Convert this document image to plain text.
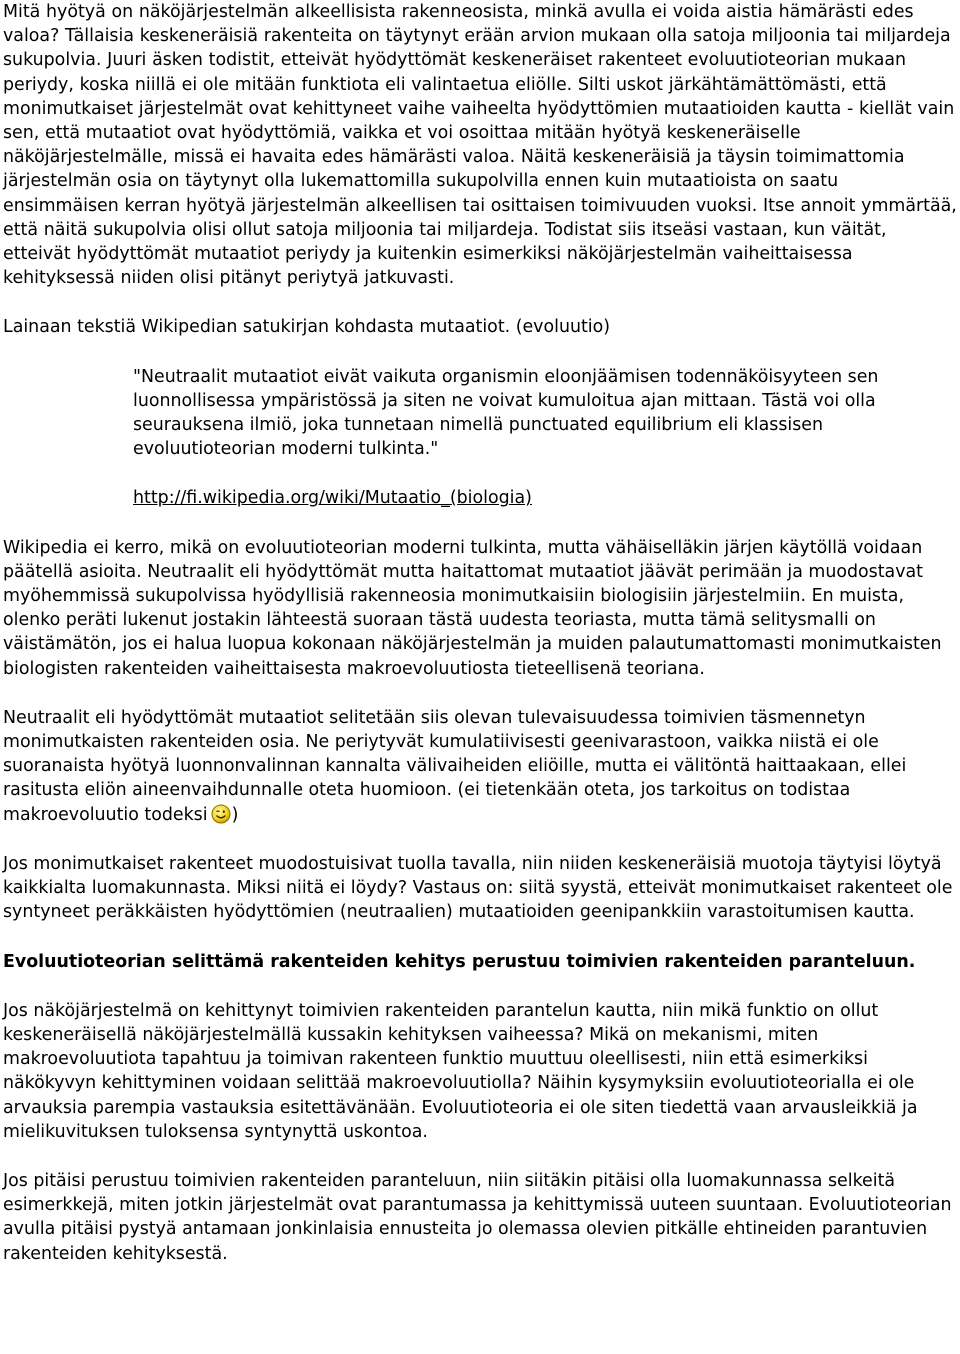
Mitä hyötyä on näköjärjestelmän alkeellisista rakenneosista, minkä avulla ei voida aistia hämärästi edes valoa? Tällaisia keskeneräisiä rakenteita on täytynyt erään arvion mukaan olla satoja miljoonia tai miljardeja sukupolvia. Juuri äsken todistit, etteivät hyödyttömät keskeneräiset rakenteet evoluutioteorian mukaan periydy, koska niillä ei ole mitään funktiota eli valintaetua eliölle. Silti uskot järkähtämättömästi, että monimutkaiset järjestelmät ovat kehittyneet vaihe vaiheelta hyödyttömien mutaatioiden kautta - kiellät vain sen, että mutaatiot ovat hyödyttömiä, vaikka et voi osoittaa mitään hyötyä keskeneräiselle näköjärjestelmälle, missä ei havaita edes hämärästi valoa. Näitä keskeneräisiä ja täysin toimimattomia järjestelmän osia on täytynyt olla lukemattomilla sukupolvilla ennen kuin mutaatioista on saatu ensimmäisen kerran hyötyä järjestelmän alkeellisen tai osittaisen toimivuuden vuoksi. Itse annoit ymmärtää, että näitä sukupolvia olisi ollut satoja miljoonia tai miljardeja. Todistat siis itseäsi vastaan, kun väität, etteivät hyödyttömät mutaatiot periydy ja kuitenkin esimerkiksi näköjärjestelmän vaiheittaisessa kehityksessä niiden olisi pitänyt periytyä jatkuvasti.

Lainaan tekstiä Wikipedian satukirjan kohdasta mutaatiot. (evoluutio)

"Neutraalit mutaatiot eivät vaikuta organismin eloonjäämisen todennäköisyyteen sen luonnollisessa ympäristössä ja siten ne voivat kumuloitua ajan mittaan. Tästä voi olla seurauksena ilmiö, joka tunnetaan nimellä punctuated equilibrium eli klassisen evoluutioteorian moderni tulkinta."

http://fi.wikipedia.org/wiki/Mutaatio_(biologia)

Wikipedia ei kerro, mikä on evoluutioteorian moderni tulkinta, mutta vähäiselläkin järjen käytöllä voidaan päätellä asioita. Neutraalit eli hyödyttömät mutta haitattomat mutaatiot jäävät perimään ja muodostavat myöhemmissä sukupolvissa hyödyllisiä rakenneosia monimutkaisiin biologisiin järjestelmiin. En muista, olenko peräti lukenut jostakin lähteestä suoraan tästä uudesta teoriasta, mutta tämä selitysmalli on väistämätön, jos ei halua luopua kokonaan näköjärjestelmän ja muiden palautumattomasti monimutkaisten biologisten rakenteiden vaiheittaisesta makroevoluutiosta tieteellisenä teoriana.

Neutraalit eli hyödyttömät mutaatiot selitetään siis olevan tulevaisuudessa toimivien täsmennetyn monimutkaisten rakenteiden osia. Ne periytyvät kumulatiivisesti geenivarastoon, vaikka niistä ei ole suoranaista hyötyä luonnonvalinnan kannalta välivaiheiden eliöille, mutta ei välitöntä haittaakaan, ellei rasitusta eliön aineenvaihdunnalle oteta huomioon. (ei tietenkään oteta, jos tarkoitus on todistaa makroevoluutio todeksi )

Jos monimutkaiset rakenteet muodostuisivat tuolla tavalla, niin niiden keskeneräisiä muotoja täytyisi löytyä kaikkialta luomakunnasta. Miksi niitä ei löydy? Vastaus on: siitä syystä, etteivät monimutkaiset rakenteet ole syntyneet peräkkäisten hyödyttömien (neutraalien) mutaatioiden geenipankkiin varastoitumisen kautta.

Evoluutioteorian selittämä rakenteiden kehitys perustuu toimivien rakenteiden paranteluun.

Jos näköjärjestelmä on kehittynyt toimivien rakenteiden parantelun kautta, niin mikä funktio on ollut keskeneräisellä näköjärjestelmällä kussakin kehityksen vaiheessa? Mikä on mekanismi, miten makroevoluutiota tapahtuu ja toimivan rakenteen funktio muuttuu oleellisesti, niin että esimerkiksi näkökyvyn kehittyminen voidaan selittää makroevoluutiolla? Näihin kysymyksiin evoluutioteorialla ei ole arvauksia parempia vastauksia esitettävänään. Evoluutioteoria ei ole siten tiedettä vaan arvausleikkiä ja mielikuvituksen tuloksensa syntynyttä uskontoa.

Jos pitäisi perustuu toimivien rakenteiden paranteluun, niin siitäkin pitäisi olla luomakunnassa selkeitä esimerkkejä, miten jotkin järjestelmät ovat parantumassa ja kehittymissä uuteen suuntaan. Evoluutioteorian avulla pitäisi pystyä antamaan jonkinlaisia ennusteita jo olemassa olevien pitkälle ehtineiden parantuvien rakenteiden kehityksestä.
